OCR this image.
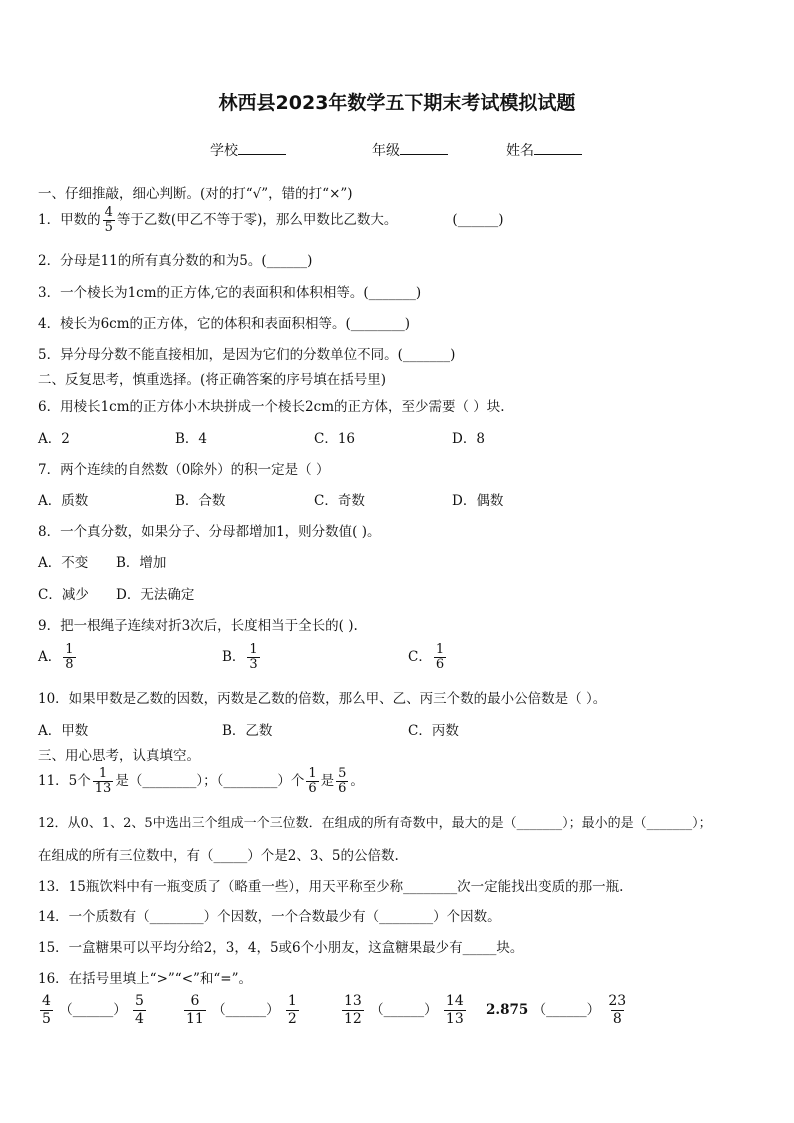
林西县2023年数学五下期末考试模拟试题
学校	年级	姓名
一、仔细推敲，细心判断。(对的打“√”，错的打“×”)
1．甲数的 $\frac{4}{5}$ 等于乙数(甲乙不等于零)，那么甲数比乙数大。	(______)
2．分母是11的所有真分数的和为5。(______)
3．一个棱长为1cm的正方体,它的表面积和体积相等。(_______)
4．棱长为6cm的正方体，它的体积和表面积相等。(________)
5．异分母分数不能直接相加，是因为它们的分数单位不同。(_______)
二、反复思考，慎重选择。(将正确答案的序号填在括号里)
6．用棱长1cm的正方体小木块拼成一个棱长2cm的正方体，至少需要（ ）块.
A．2	B．4	C．16	D．8
7．两个连续的自然数（0除外）的积一定是（ ）
A．质数	B．合数	C．奇数	D．偶数
8．一个真分数，如果分子、分母都增加1，则分数值( )。
A．不变 B．增加
C．减少 D．无法确定
9．把一根绳子连续对折3次后，长度相当于全长的( ).
A． $\frac{1}{8}$	B． $\frac{1}{3}$	C． $\frac{1}{6}$
10．如果甲数是乙数的因数，丙数是乙数的倍数，那么甲、乙、丙三个数的最小公倍数是（ ）。
A．甲数	B．乙数	C．丙数
三、用心思考，认真填空。
11．5个 $\frac{1}{13}$ 是（________）；（________）个 $\frac{1}{6}$ 是 $\frac{5}{6}$ 。
12．从0、1、2、5中选出三个组成一个三位数．在组成的所有奇数中，最大的是（_______）；最小的是（_______）；
在组成的所有三位数中，有（_____）个是2、3、5的公倍数.
13．15瓶饮料中有一瓶变质了（略重一些），用天平称至少称________次一定能找出变质的那一瓶.
14．一个质数有（________）个因数，一个合数最少有（________）个因数。
15．一盒糖果可以平均分给2，3，4，5或6个小朋友，这盒糖果最少有_____块。
16．在括号里填上“>”“<”和“=”。
$\frac{4}{5}$ （______） $\frac{5}{4}$	$\frac{6}{11}$ （______） $\frac{1}{2}$	$\frac{13}{12}$ （______） $\frac{14}{13} 2.875$ （______） $\frac{23}{8}$
